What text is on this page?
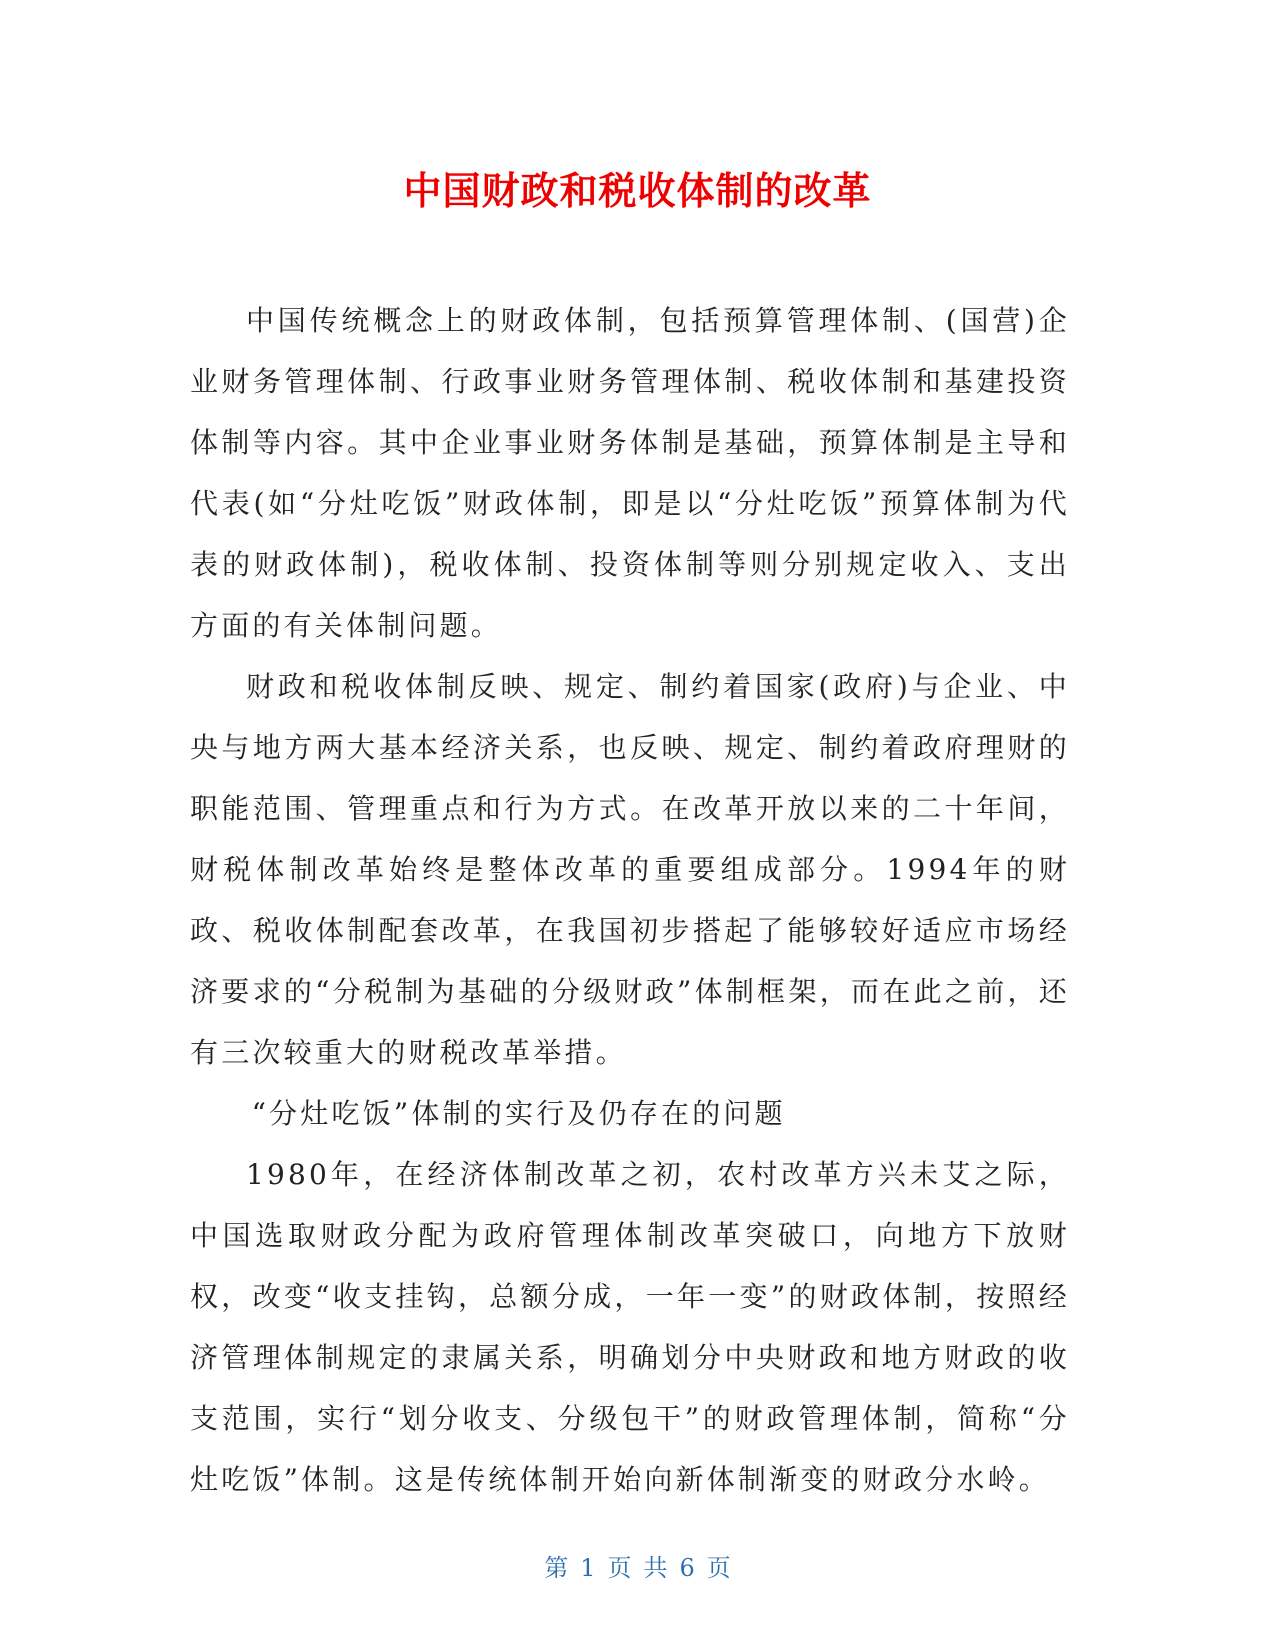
中国财政和税收体制的改革

中国传统概念上的财政体制，包括预算管理体制、(国营)企业财务管理体制、行政事业财务管理体制、税收体制和基建投资体制等内容。其中企业事业财务体制是基础，预算体制是主导和代表(如“分灶吃饭”财政体制，即是以“分灶吃饭”预算体制为代表的财政体制)，税收体制、投资体制等则分别规定收入、支出方面的有关体制问题。

财政和税收体制反映、规定、制约着国家(政府)与企业、中央与地方两大基本经济关系，也反映、规定、制约着政府理财的职能范围、管理重点和行为方式。在改革开放以来的二十年间，财税体制改革始终是整体改革的重要组成部分。1994年的财政、税收体制配套改革，在我国初步搭起了能够较好适应市场经济要求的“分税制为基础的分级财政”体制框架，而在此之前，还有三次较重大的财税改革举措。

“分灶吃饭”体制的实行及仍存在的问题

1980年，在经济体制改革之初，农村改革方兴未艾之际，中国选取财政分配为政府管理体制改革突破口，向地方下放财权，改变“收支挂钩，总额分成，一年一变”的财政体制，按照经济管理体制规定的隶属关系，明确划分中央财政和地方财政的收支范围，实行“划分收支、分级包干”的财政管理体制，简称“分灶吃饭”体制。这是传统体制开始向新体制渐变的财政分水岭。

第 1 页 共 6 页
